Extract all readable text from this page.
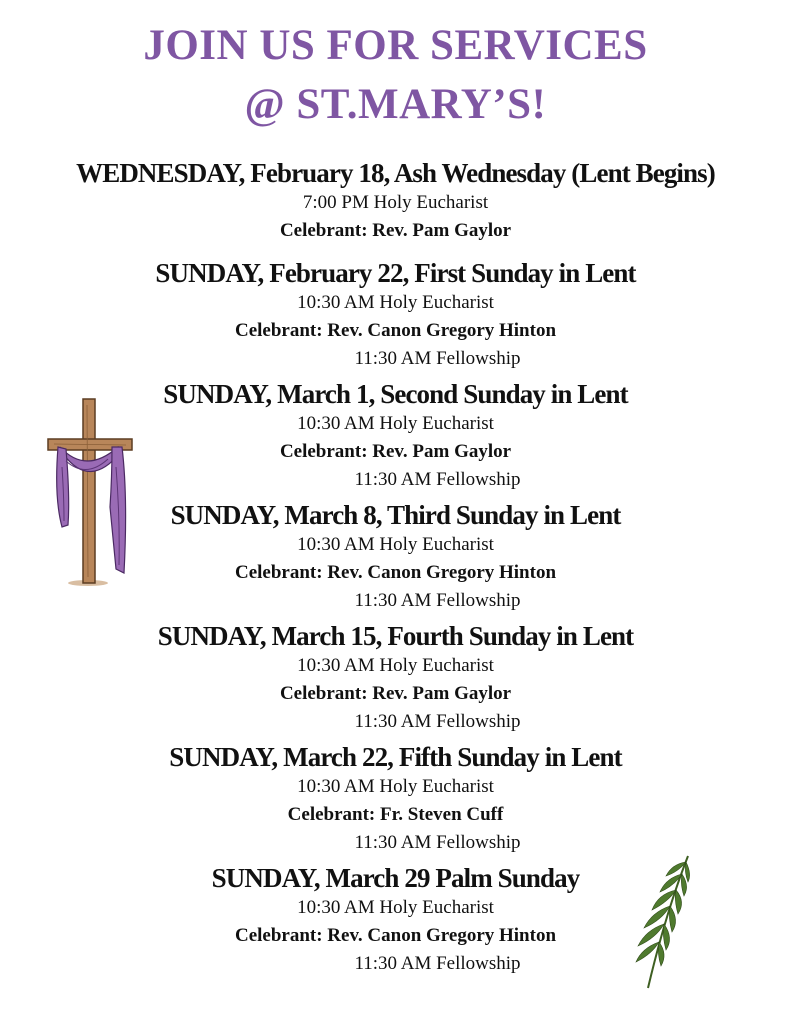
JOIN US FOR SERVICES
@ ST.MARY’S!
WEDNESDAY, February 18, Ash Wednesday (Lent Begins)
7:00 PM Holy Eucharist
Celebrant: Rev. Pam Gaylor
SUNDAY, February 22, First Sunday in Lent
10:30 AM Holy Eucharist
Celebrant: Rev. Canon Gregory Hinton
11:30 AM Fellowship
SUNDAY, March 1, Second Sunday in Lent
10:30 AM Holy Eucharist
Celebrant: Rev. Pam Gaylor
11:30 AM Fellowship
SUNDAY, March 8, Third Sunday in Lent
10:30 AM Holy Eucharist
Celebrant: Rev. Canon Gregory Hinton
11:30 AM Fellowship
SUNDAY, March 15, Fourth Sunday in Lent
10:30 AM Holy Eucharist
Celebrant: Rev. Pam Gaylor
11:30 AM Fellowship
SUNDAY, March 22, Fifth Sunday in Lent
10:30 AM Holy Eucharist
Celebrant: Fr. Steven Cuff
11:30 AM Fellowship
SUNDAY, March 29 Palm Sunday
10:30 AM Holy Eucharist
Celebrant: Rev. Canon Gregory Hinton
11:30 AM Fellowship
